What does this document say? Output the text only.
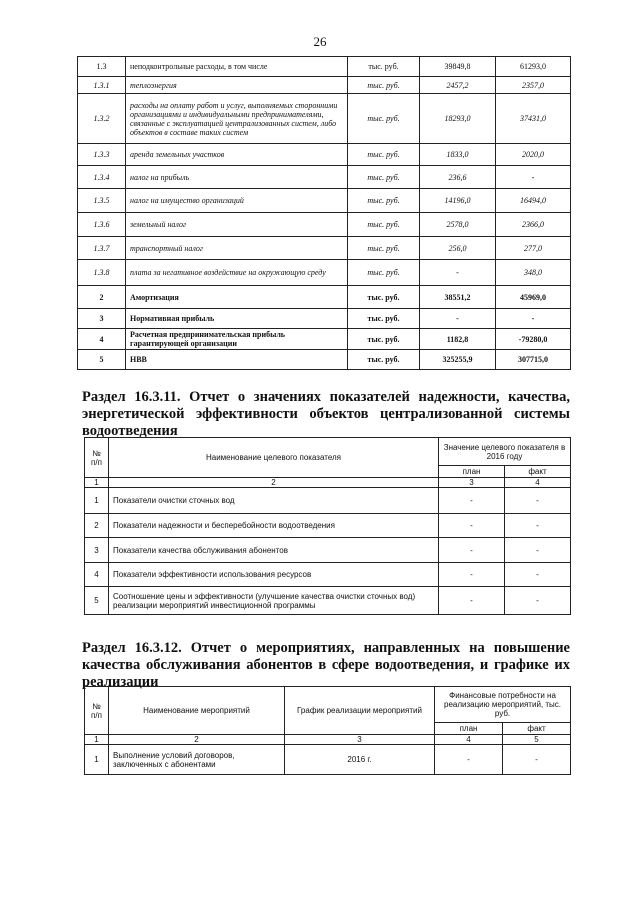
26
1.3	неподконтрольные расходы, в том числе	тыс. руб.	39849,8	61293,0
1.3.1	теплоэнергия	тыс. руб.	2457,2	2357,0
1.3.2	расходы на оплату работ и услуг, выполняемых сторонними организациями и индивидуальными предпринимателями, связанные с эксплуатацией централизованных систем, либо объектов в составе таких систем	тыс. руб.	18293,0	37431,0
1.3.3	аренда земельных участков	тыс. руб.	1833,0	2020,0
1.3.4	налог на прибыль	тыс. руб.	236,6	-
1.3.5	налог на имущество организаций	тыс. руб.	14196,0	16494,0
1.3.6	земельный налог	тыс. руб.	2578,0	2366,0
1.3.7	транспортный налог	тыс. руб.	256,0	277,0
1.3.8	плата за негативное воздействие на окружающую среду	тыс. руб.	-	348,0
2	Амортизация	тыс. руб.	38551,2	45969,0
3	Нормативная прибыль	тыс. руб.	-	-
4	Расчетная предпринимательская прибыль гарантирующей организации	тыс. руб.	1182,8	-79280,0
5	НВВ	тыс. руб.	325255,9	307715,0
Раздел 16.3.11. Отчет о значениях показателей надежности, качества, энергетической эффективности объектов централизованной системы водоотведения
№ п/п	Наименование целевого показателя	Значение целевого показателя в 2016 году	
		план	факт
1	2	3	4
1	Показатели очистки сточных вод	-	-
2	Показатели надежности и бесперебойности водоотведения	-	-
3	Показатели качества обслуживания абонентов	-	-
4	Показатели эффективности использования ресурсов	-	-
5	Соотношение цены и эффективности (улучшение качества очистки сточных вод) реализации мероприятий инвестиционной программы	-	-
Раздел 16.3.12. Отчет о мероприятиях, направленных на повышение качества обслуживания абонентов в сфере водоотведения, и графике их реализации
№ п/п	Наименование мероприятий	График реализации мероприятий	Финансовые потребности на реализацию мероприятий, тыс. руб.	
			план	факт
1	2	3	4	5
1	Выполнение условий договоров, заключенных с абонентами	2016 г.	-	-
